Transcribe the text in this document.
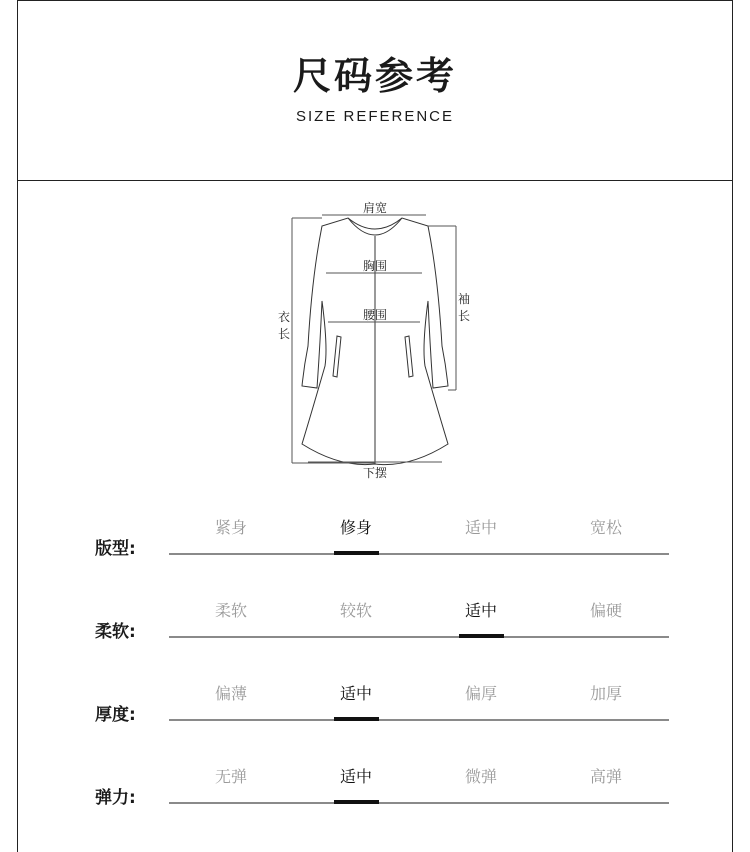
尺码参考
SIZE REFERENCE
肩宽
胸围
腰围
衣
长
袖
长
下摆
版型:
紧身	修身	适中	宽松
柔软:
柔软	较软	适中	偏硬
厚度:
偏薄	适中	偏厚	加厚
弹力:
无弹	适中	微弹	高弹
